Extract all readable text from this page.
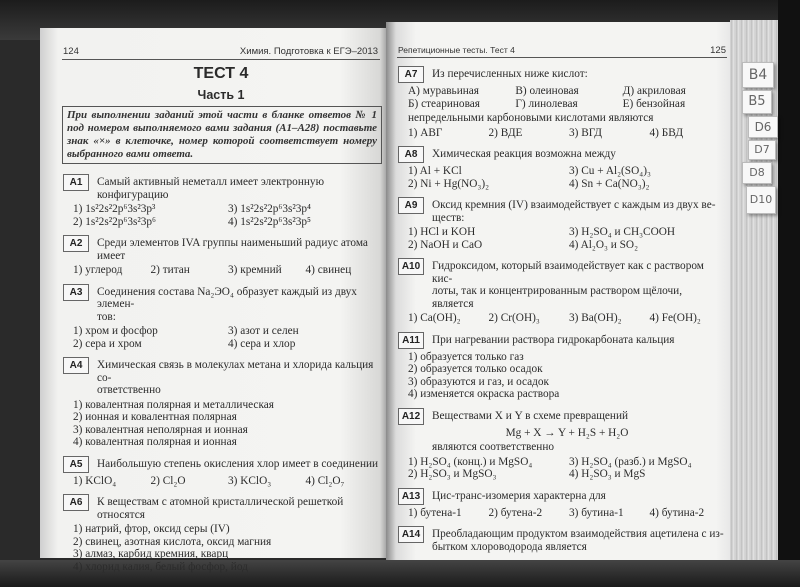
124	Химия. Подготовка к ЕГЭ–2013
ТЕСТ 4
Часть 1
При выполнении заданий этой части в бланке ответов № 1 под номером выполняемого вами задания (А1–А28) поставьте знак «×» в клеточке, номер которой соответствует номеру выбранного вами ответа.
Репетиционные тесты. Тест 4	125
A1	Самый активный неметалл имеет электронную конфигурацию
1) 1s²2s²2p⁶3s²3p³
2) 1s²2s²2p⁶3s²3p⁶
3) 1s²2s²2p⁶3s²3p⁴
4) 1s²2s²2p⁶3s²3p⁵
A2	Среди элементов IVA группы наименьший радиус атома имеет
1) углерод	2) титан	3) кремний	4) свинец
A3	Соединения состава Na₂ЭO₄ образует каждый из двух элемен-
тов:
1) хром и фосфор
2) сера и хром
3) азот и селен
4) сера и хлор
A4	Химическая связь в молекулах метана и хлорида кальция со-
ответственно
1) ковалентная полярная и металлическая
2) ионная и ковалентная полярная
3) ковалентная неполярная и ионная
4) ковалентная полярная и ионная
A5	Наибольшую степень окисления хлор имеет в соединении
1) KClO₄	2) Cl₂O	3) KClO₃	4) Cl₂O₇
A6	К веществам с атомной кристаллической решеткой относятся
1) натрий, фтор, оксид серы (IV)
2) свинец, азотная кислота, оксид магния
3) алмаз, карбид кремния, кварц
4) хлорид калия, белый фосфор, йод
A7	Из перечисленных ниже кислот:
А) муравьиная
Б) стеариновая
В) олеиновая
Г) линолевая
Д) акриловая
Е) бензойная
непредельными карбоновыми кислотами являются
1) АВГ	2) ВДЕ	3) ВГД	4) БВД
A8	Химическая реакция возможна между
1) Al + KCl
2) Ni + Hg(NO₃)₂
3) Cu + Al₂(SO₄)₃
4) Sn + Ca(NO₃)₂
A9	Оксид кремния (IV) взаимодействует с каждым из двух ве-
ществ:
1) HCl и KOH
2) NaOH и CaO
3) H₂SO₄ и CH₃COOH
4) Al₂O₃ и SO₂
A10	Гидроксидом, который взаимодействует как с раствором кис-
лоты, так и концентрированным раствором щёлочи, является
1) Ca(OH)₂	2) Cr(OH)₃	3) Ba(OH)₂	4) Fe(OH)₂
A11	При нагревании раствора гидрокарбоната кальция
1) образуется только газ
2) образуется только осадок
3) образуются и газ, и осадок
4) изменяется окраска раствора
A12	Веществами X и Y в схеме превращений
Mg + X → Y + H₂S + H₂O
являются соответственно
1) H₂SO₄ (конц.) и MgSO₄
2) H₂SO₃ и MgSO₃
3) H₂SO₄ (разб.) и MgSO₄
4) H₂SO₃ и MgS
A13	Цис-транс-изомерия характерна для
1) бутена-1	2) бутена-2	3) бутина-1	4) бутина-2
A14	Преобладающим продуктом взаимодействия ацетилена с из-
бытком хлороводорода является
B4
B5
D6
D7
D8
D10
